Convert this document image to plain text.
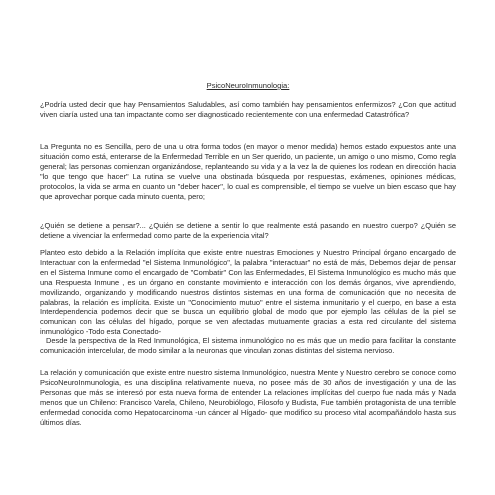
PsicoNeuroInmunologia:

¿Podría usted decir que hay Pensamientos Saludables, así como también hay pensamientos enfermizos? ¿Con que actitud viven ciaría usted una tan impactante como ser diagnosticado recientemente con una enfermedad Catastrófica?

La Pregunta no es Sencilla, pero de una u otra forma todos (en mayor o menor medida) hemos estado expuestos ante una situación como está, enterarse de la Enfermedad Terrible en un Ser querido, un paciente, un amigo o uno mismo, Como regla general; las personas comienzan organizándose, replanteando su vida y a la vez la de quienes los rodean en dirección hacia "lo que tengo que hacer" La rutina se vuelve una obstinada búsqueda por respuestas, exámenes, opiniones médicas, protocolos, la vida se arma en cuanto un "deber hacer", lo cual es comprensible, el tiempo se vuelve un bien escaso que hay que aprovechar porque cada minuto cuenta, pero;

¿Quién se detiene a pensar?... ¿Quién se detiene a sentir lo que realmente está pasando en nuestro cuerpo? ¿Quién se detiene a vivenciar la enfermedad como parte de la experiencia vital?

Planteo esto debido a la Relación implícita que existe entre nuestras Emociones y Nuestro Principal órgano encargado de Interactuar con la enfermedad "el Sistema Inmunológico", la palabra "interactuar" no está de más, Debemos dejar de pensar en el Sistema Inmune como el encargado de "Combatir" Con las Enfermedades, El Sistema Inmunológico es mucho más que una Respuesta Inmune , es un órgano en constante movimiento e interacción con los demás órganos, vive aprendiendo, movilizando, organizando y modificando nuestros distintos sistemas en una forma de comunicación que no necesita de palabras, la relación es implícita. Existe un "Conocimiento mutuo" entre el sistema inmunitario y el cuerpo, en base a esta Interdependencia podemos decir que se busca un equilibrio global de modo que por ejemplo las células de la piel se comunican con las células del hígado, porque se ven afectadas mutuamente gracias a esta red circulante del sistema inmunológico -Todo esta Conectado-

Desde la perspectiva de la Red Inmunológica, El sistema inmunológico no es más que un medio para facilitar la constante comunicación intercelular, de modo similar a la neuronas que vinculan zonas distintas del sistema nervioso.

La relación y comunicación que existe entre nuestro sistema Inmunológico, nuestra Mente y Nuestro cerebro se conoce como PsicoNeuroInmunologia, es una disciplina relativamente nueva, no posee más de 30 años de investigación y una de las Personas que más se interesó por esta nueva forma de entender La relaciones implícitas del cuerpo fue nada más y Nada menos que un Chileno: Francisco Varela, Chileno, Neurobiólogo, Filosofo y Budista, Fue también protagonista de una terrible enfermedad conocida como Hepatocarcinoma -un cáncer al Hígado- que modifico su proceso vital acompañándolo hasta sus últimos días.
